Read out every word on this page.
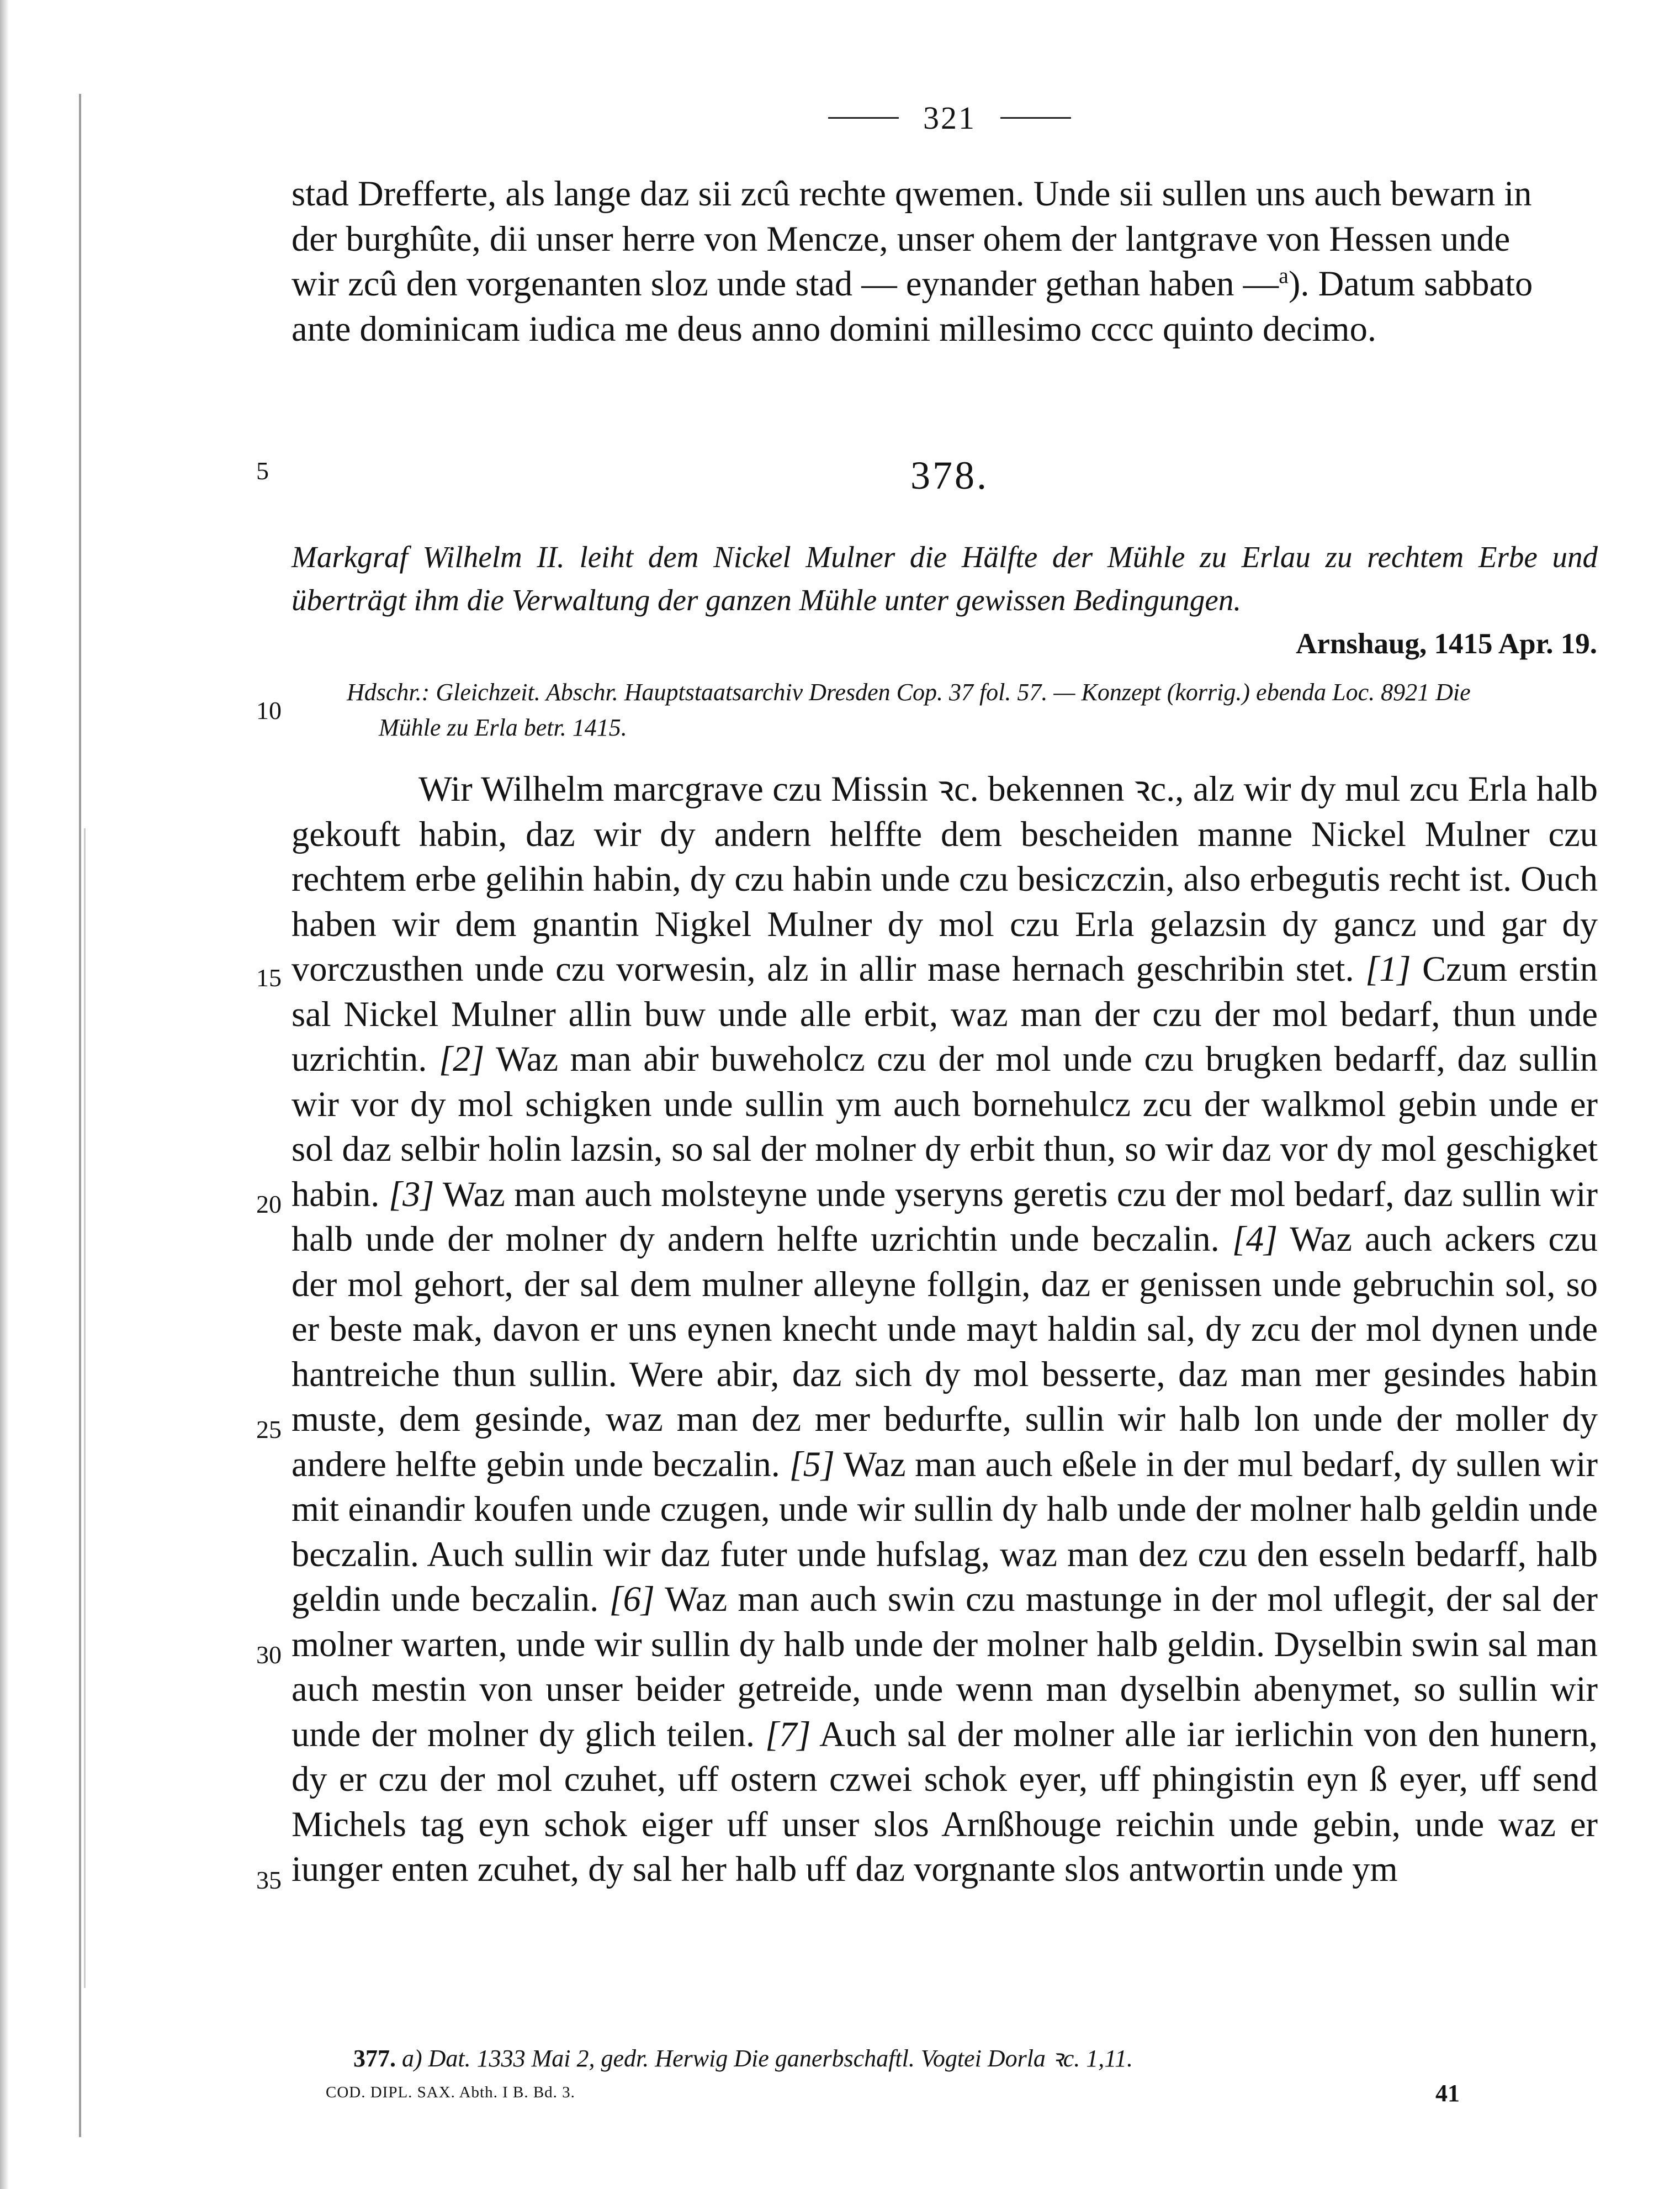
321
stad Drefferte, als lange daz sii zcû rechte qwemen. Unde sii sullen uns auch bewarn in
der burghûte, dii unser herre von Mencze, unser ohem der lantgrave von Hessen unde
wir zcû den vorgenanten sloz unde stad — eynander gethan haben —$^a$). Datum sabbato
ante dominicam iudica me deus anno domini millesimo cccc quinto decimo.
5
10
15
20
25
30
35
378.
Markgraf Wilhelm II. leiht dem Nickel Mulner die Hälfte der Mühle zu Erlau zu rechtem Erbe und überträgt ihm die Verwaltung der ganzen Mühle unter gewissen Bedingungen.
Arnshaug, 1415 Apr. 19.
Hdschr.: Gleichzeit. Abschr. Hauptstaatsarchiv Dresden Cop. 37 fol. 57. — Konzept (korrig.) ebenda Loc. 8921 Die
Mühle zu Erla betr. 1415.

Wir Wilhelm marcgrave czu Missin ꝛc. bekennen ꝛc., alz wir dy mul zcu Erla halb gekouft habin, daz wir dy andern helffte dem bescheiden manne Nickel Mulner czu rechtem erbe gelihin habin, dy czu habin unde czu besiczczin, also erbegutis recht ist. Ouch haben wir dem gnantin Nigkel Mulner dy mol czu Erla gelazsin dy gancz und gar dy vorczusthen unde czu vorwesin, alz in allir mase hernach geschribin stet. [1] Czum erstin sal Nickel Mulner allin buw unde alle erbit, waz man der czu der mol bedarf, thun unde uzrichtin. [2] Waz man abir buweholcz czu der mol unde czu brugken bedarff, daz sullin wir vor dy mol schigken unde sullin ym auch bornehulcz zcu der walkmol gebin unde er sol daz selbir holin lazsin, so sal der molner dy erbit thun, so wir daz vor dy mol geschigket habin. [3] Waz man auch molsteyne unde yseryns geretis czu der mol bedarf, daz sullin wir halb unde der molner dy andern helfte uzrichtin unde beczalin. [4] Waz auch ackers czu der mol gehort, der sal dem mulner alleyne follgin, daz er genissen unde gebruchin sol, so er beste mak, davon er uns eynen knecht unde mayt haldin sal, dy zcu der mol dynen unde hantreiche thun sullin. Were abir, daz sich dy mol besserte, daz man mer gesindes habin muste, dem gesinde, waz man dez mer bedurfte, sullin wir halb lon unde der moller dy andere helfte gebin unde beczalin. [5] Waz man auch eßele in der mul bedarf, dy sullen wir mit einandir koufen unde czugen, unde wir sullin dy halb unde der molner halb geldin unde beczalin. Auch sullin wir daz futer unde hufslag, waz man dez czu den esseln bedarff, halb geldin unde beczalin. [6] Waz man auch swin czu mastunge in der mol uflegit, der sal der molner warten, unde wir sullin dy halb unde der molner halb geldin. Dyselbin swin sal man auch mestin von unser beider getreide, unde wenn man dyselbin abenymet, so sullin wir unde der molner dy glich teilen. [7] Auch sal der molner alle iar ierlichin von den hunern, dy er czu der mol czuhet, uff ostern czwei schok eyer, uff phingistin eyn ß eyer, uff send Michels tag eyn schok eiger uff unser slos Arnßhouge reichin unde gebin, unde waz er iunger enten zcuhet, dy sal her halb uff daz vorgnante slos antwortin unde ym

377. a) Dat. 1333 Mai 2, gedr. Herwig Die ganerbschaftl. Vogtei Dorla ꝛc. 1,11.
COD. DIPL. SAX. Abth. I B. Bd. 3.	41
